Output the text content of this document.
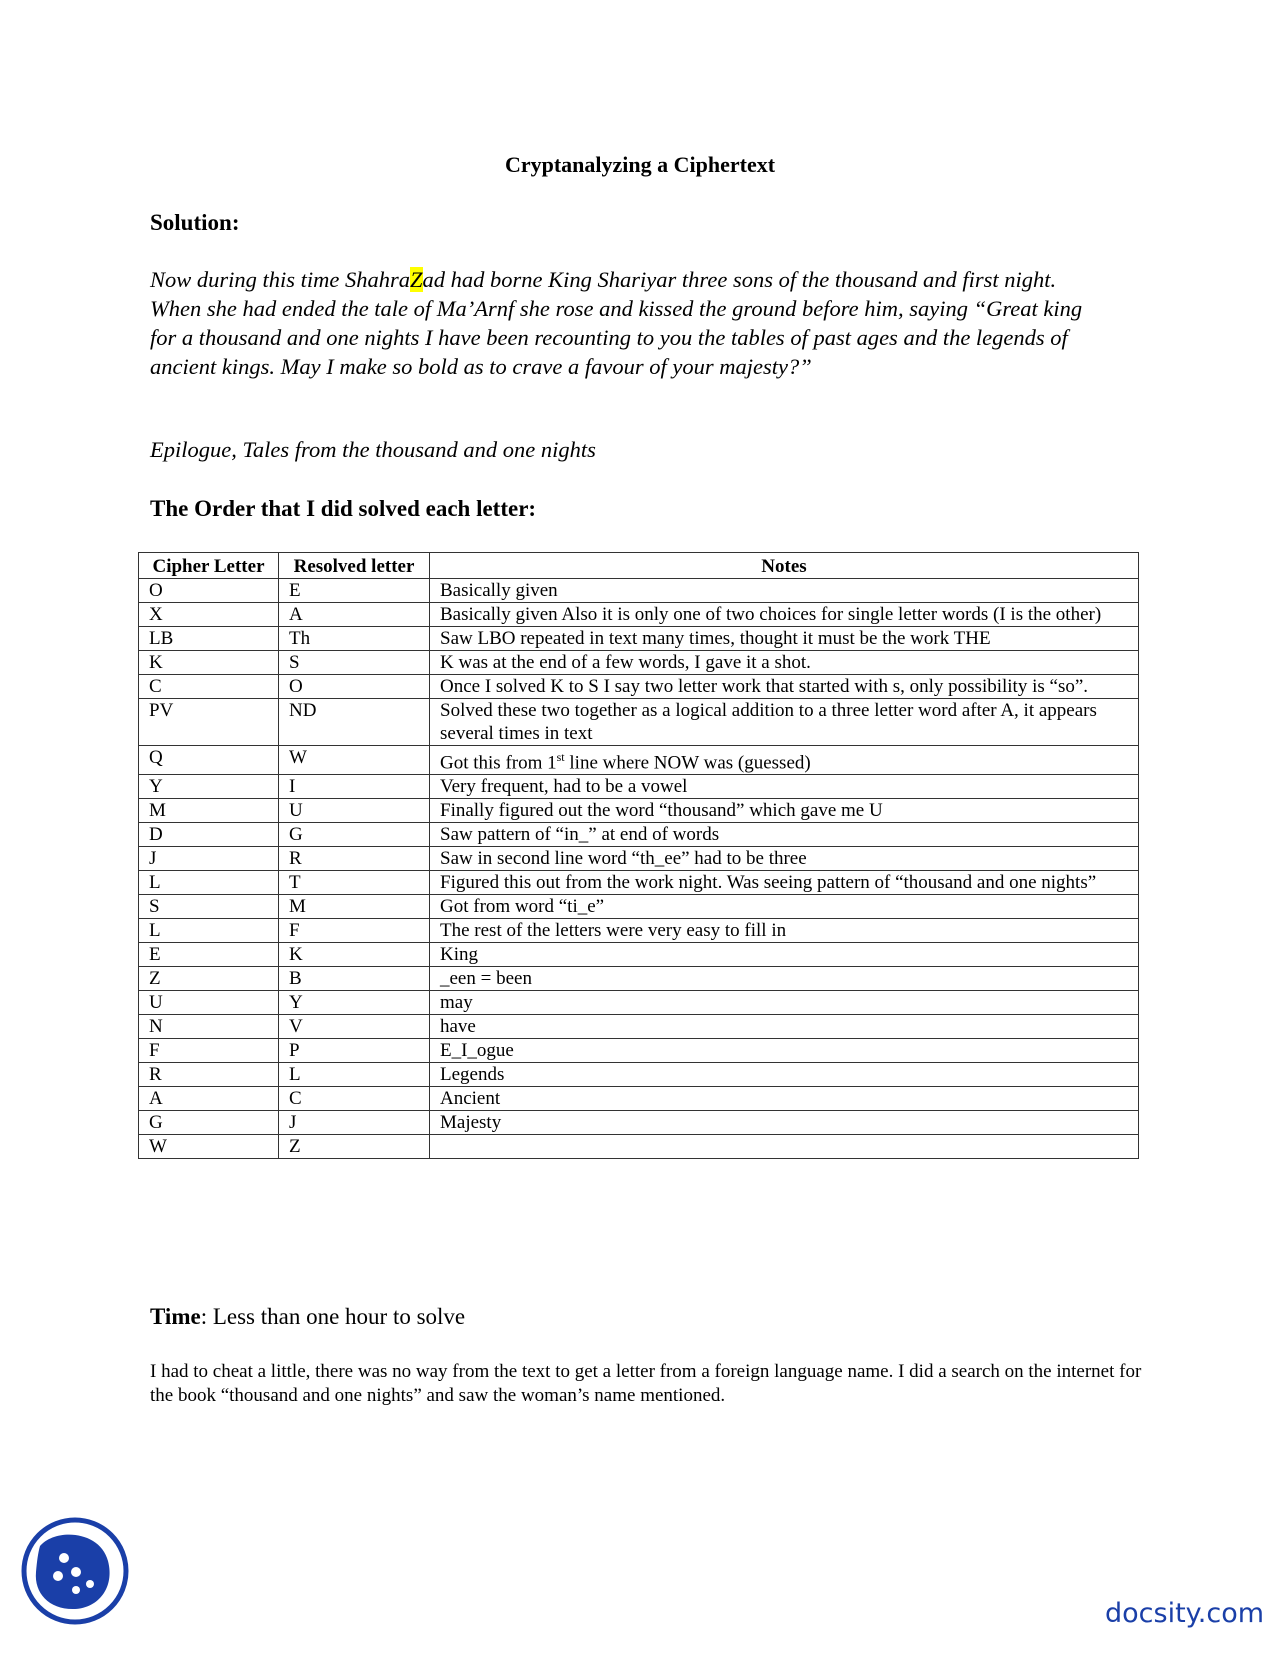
Cryptanalyzing a Ciphertext
Solution:
Now during this time ShahraZad had borne King Shariyar three sons of the thousand and first night. When she had ended the tale of Ma’Arnf she rose and kissed the ground before him, saying “Great king for a thousand and one nights I have been recounting to you the tables of past ages and the legends of ancient kings. May I make so bold as to crave a favour of your majesty?”
Epilogue, Tales from the thousand and one nights
The Order that I did solved each letter:
Cipher Letter	Resolved letter	Notes
O	E	Basically given
X	A	Basically given Also it is only one of two choices for single letter words (I is the other)
LB	Th	Saw LBO repeated in text many times, thought it must be the work THE
K	S	K was at the end of a few words, I gave it a shot.
C	O	Once I solved K to S I say two letter work that started with s, only possibility is “so”.
PV	ND	Solved these two together as a logical addition to a three letter word after A, it appears several times in text
Q	W	Got this from 1st line where NOW was (guessed)
Y	I	Very frequent, had to be a vowel
M	U	Finally figured out the word “thousand” which gave me U
D	G	Saw pattern of “in_” at end of words
J	R	Saw in second line word “th_ee” had to be three
L	T	Figured this out from the work night. Was seeing pattern of “thousand and one nights”
S	M	Got from word “ti_e”
L	F	The rest of the letters were very easy to fill in
E	K	King
Z	B	_een = been
U	Y	may
N	V	have
F	P	E_I_ogue
R	L	Legends
A	C	Ancient
G	J	Majesty
W	Z	
Time: Less than one hour to solve
I had to cheat a little, there was no way from the text to get a letter from a foreign language name. I did a search on the internet for the book “thousand and one nights” and saw the woman’s name mentioned.
docsity.com
